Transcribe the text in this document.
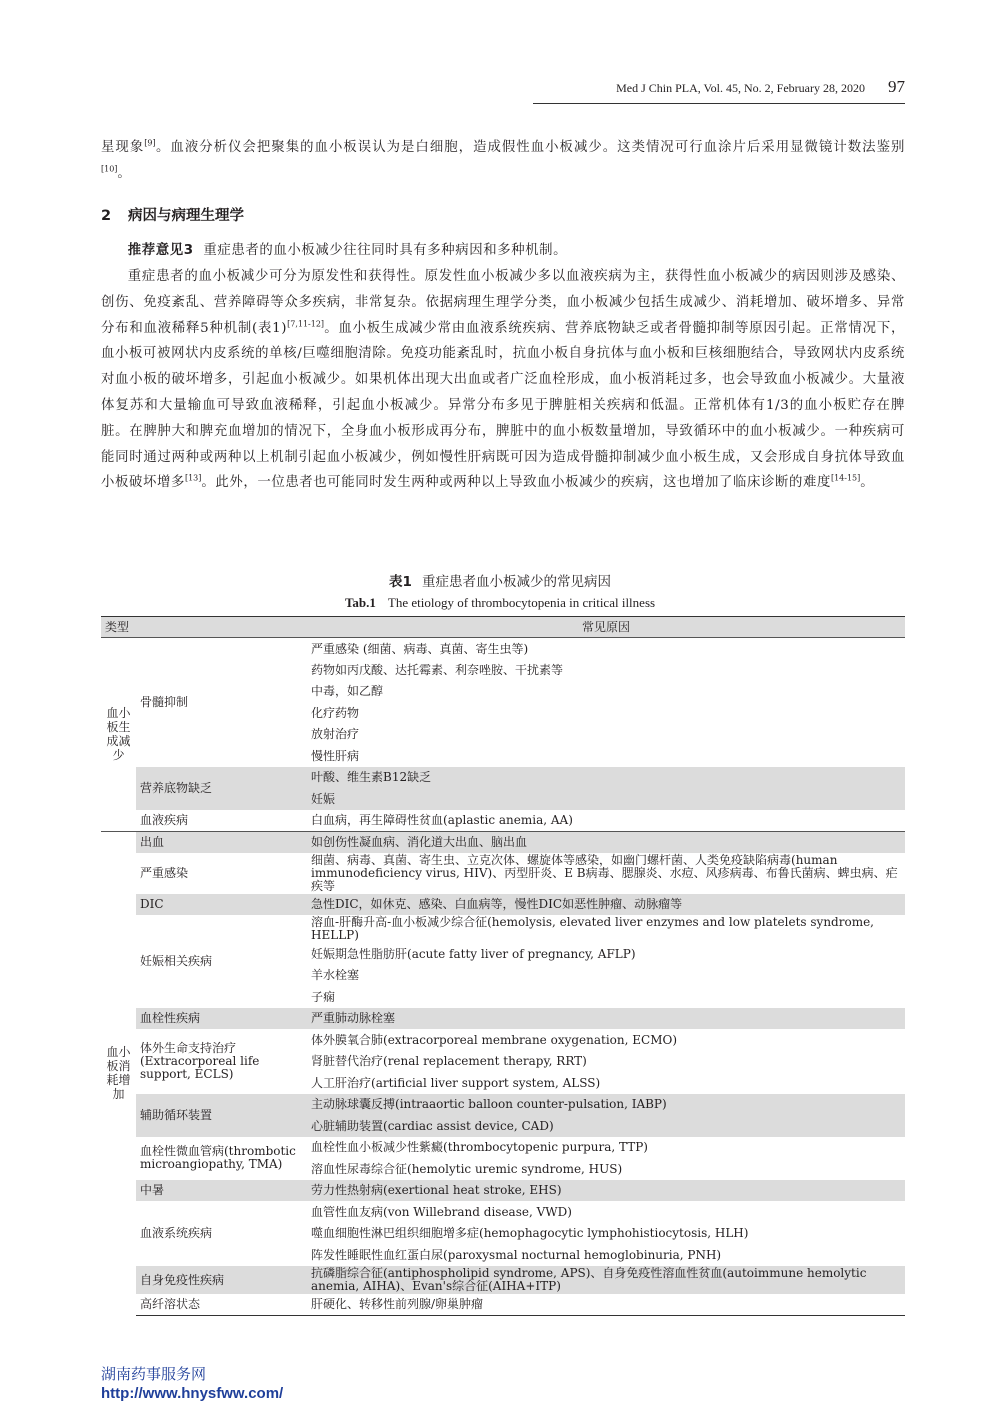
Med J Chin PLA, Vol. 45, No. 2, February 28, 2020 97
星现象[9]。血液分析仪会把聚集的血小板误认为是白细胞，造成假性血小板减少。这类情况可行血涂片后采用显微镜计数法鉴别[10]。
2 病因与病理生理学
推荐意见3 重症患者的血小板减少往往同时具有多种病因和多种机制。
重症患者的血小板减少可分为原发性和获得性。原发性血小板减少多以血液疾病为主，获得性血小板减少的病因则涉及感染、创伤、免疫紊乱、营养障碍等众多疾病，非常复杂。依据病理生理学分类，血小板减少包括生成减少、消耗增加、破坏增多、异常分布和血液稀释5种机制(表1)[7,11-12]。血小板生成减少常由血液系统疾病、营养底物缺乏或者骨髓抑制等原因引起。正常情况下，血小板可被网状内皮系统的单核/巨噬细胞清除。免疫功能紊乱时，抗血小板自身抗体与血小板和巨核细胞结合，导致网状内皮系统对血小板的破坏增多，引起血小板减少。如果机体出现大出血或者广泛血栓形成，血小板消耗过多，也会导致血小板减少。大量液体复苏和大量输血可导致血液稀释，引起血小板减少。异常分布多见于脾脏相关疾病和低温。正常机体有1/3的血小板贮存在脾脏。在脾肿大和脾充血增加的情况下，全身血小板形成再分布，脾脏中的血小板数量增加，导致循环中的血小板减少。一种疾病可能同时通过两种或两种以上机制引起血小板减少，例如慢性肝病既可因为造成骨髓抑制减少血小板生成，又会形成自身抗体导致血小板破坏增多[13]。此外，一位患者也可能同时发生两种或两种以上导致血小板减少的疾病，这也增加了临床诊断的难度[14-15]。
表1 重症患者血小板减少的常见病因
Tab.1 The etiology of thrombocytopenia in critical illness
类型		常见原因
血小板生成减少	骨髓抑制	严重感染 (细菌、病毒、真菌、寄生虫等)
		药物如丙戊酸、达托霉素、利奈唑胺、干扰素等
		中毒，如乙醇
		化疗药物
		放射治疗
		慢性肝病
	营养底物缺乏	叶酸、维生素B12缺乏
		妊娠
	血液疾病	白血病，再生障碍性贫血(aplastic anemia, AA)
血小板消耗增加	出血	如创伤性凝血病、消化道大出血、脑出血
	严重感染	细菌、病毒、真菌、寄生虫、立克次体、螺旋体等感染，如幽门螺杆菌、人类免疫缺陷病毒(human immunodeficiency virus, HIV)、丙型肝炎、E B病毒、腮腺炎、水痘、风疹病毒、布鲁氏菌病、蜱虫病、疟疾等
	DIC	急性DIC，如休克、感染、白血病等，慢性DIC如恶性肿瘤、动脉瘤等
	妊娠相关疾病	溶血-肝酶升高-血小板减少综合征(hemolysis, elevated liver enzymes and low platelets syndrome, HELLP)
		妊娠期急性脂肪肝(acute fatty liver of pregnancy, AFLP)
		羊水栓塞
		子痫
	血栓性疾病	严重肺动脉栓塞
	体外生命支持治疗(Extracorporeal life support, ECLS)	体外膜氧合肺(extracorporeal membrane oxygenation, ECMO)
		肾脏替代治疗(renal replacement therapy, RRT)
		人工肝治疗(artificial liver support system, ALSS)
	辅助循环装置	主动脉球囊反搏(intraaortic balloon counter-pulsation, IABP)
		心脏辅助装置(cardiac assist device, CAD)
	血栓性微血管病(thrombotic microangiopathy, TMA)	血栓性血小板减少性紫癜(thrombocytopenic purpura, TTP)
		溶血性尿毒综合征(hemolytic uremic syndrome, HUS)
	中暑	劳力性热射病(exertional heat stroke, EHS)
	血液系统疾病	血管性血友病(von Willebrand disease, VWD)
		噬血细胞性淋巴组织细胞增多症(hemophagocytic lymphohistiocytosis, HLH)
		阵发性睡眠性血红蛋白尿(paroxysmal nocturnal hemoglobinuria, PNH)
	自身免疫性疾病	抗磷脂综合征(antiphospholipid syndrome, APS)、自身免疫性溶血性贫血(autoimmune hemolytic anemia, AIHA)、Evan's综合征(AIHA+ITP)
	高纤溶状态	肝硬化、转移性前列腺/卵巢肿瘤
湖南药事服务网
http://www.hnysfww.com/
